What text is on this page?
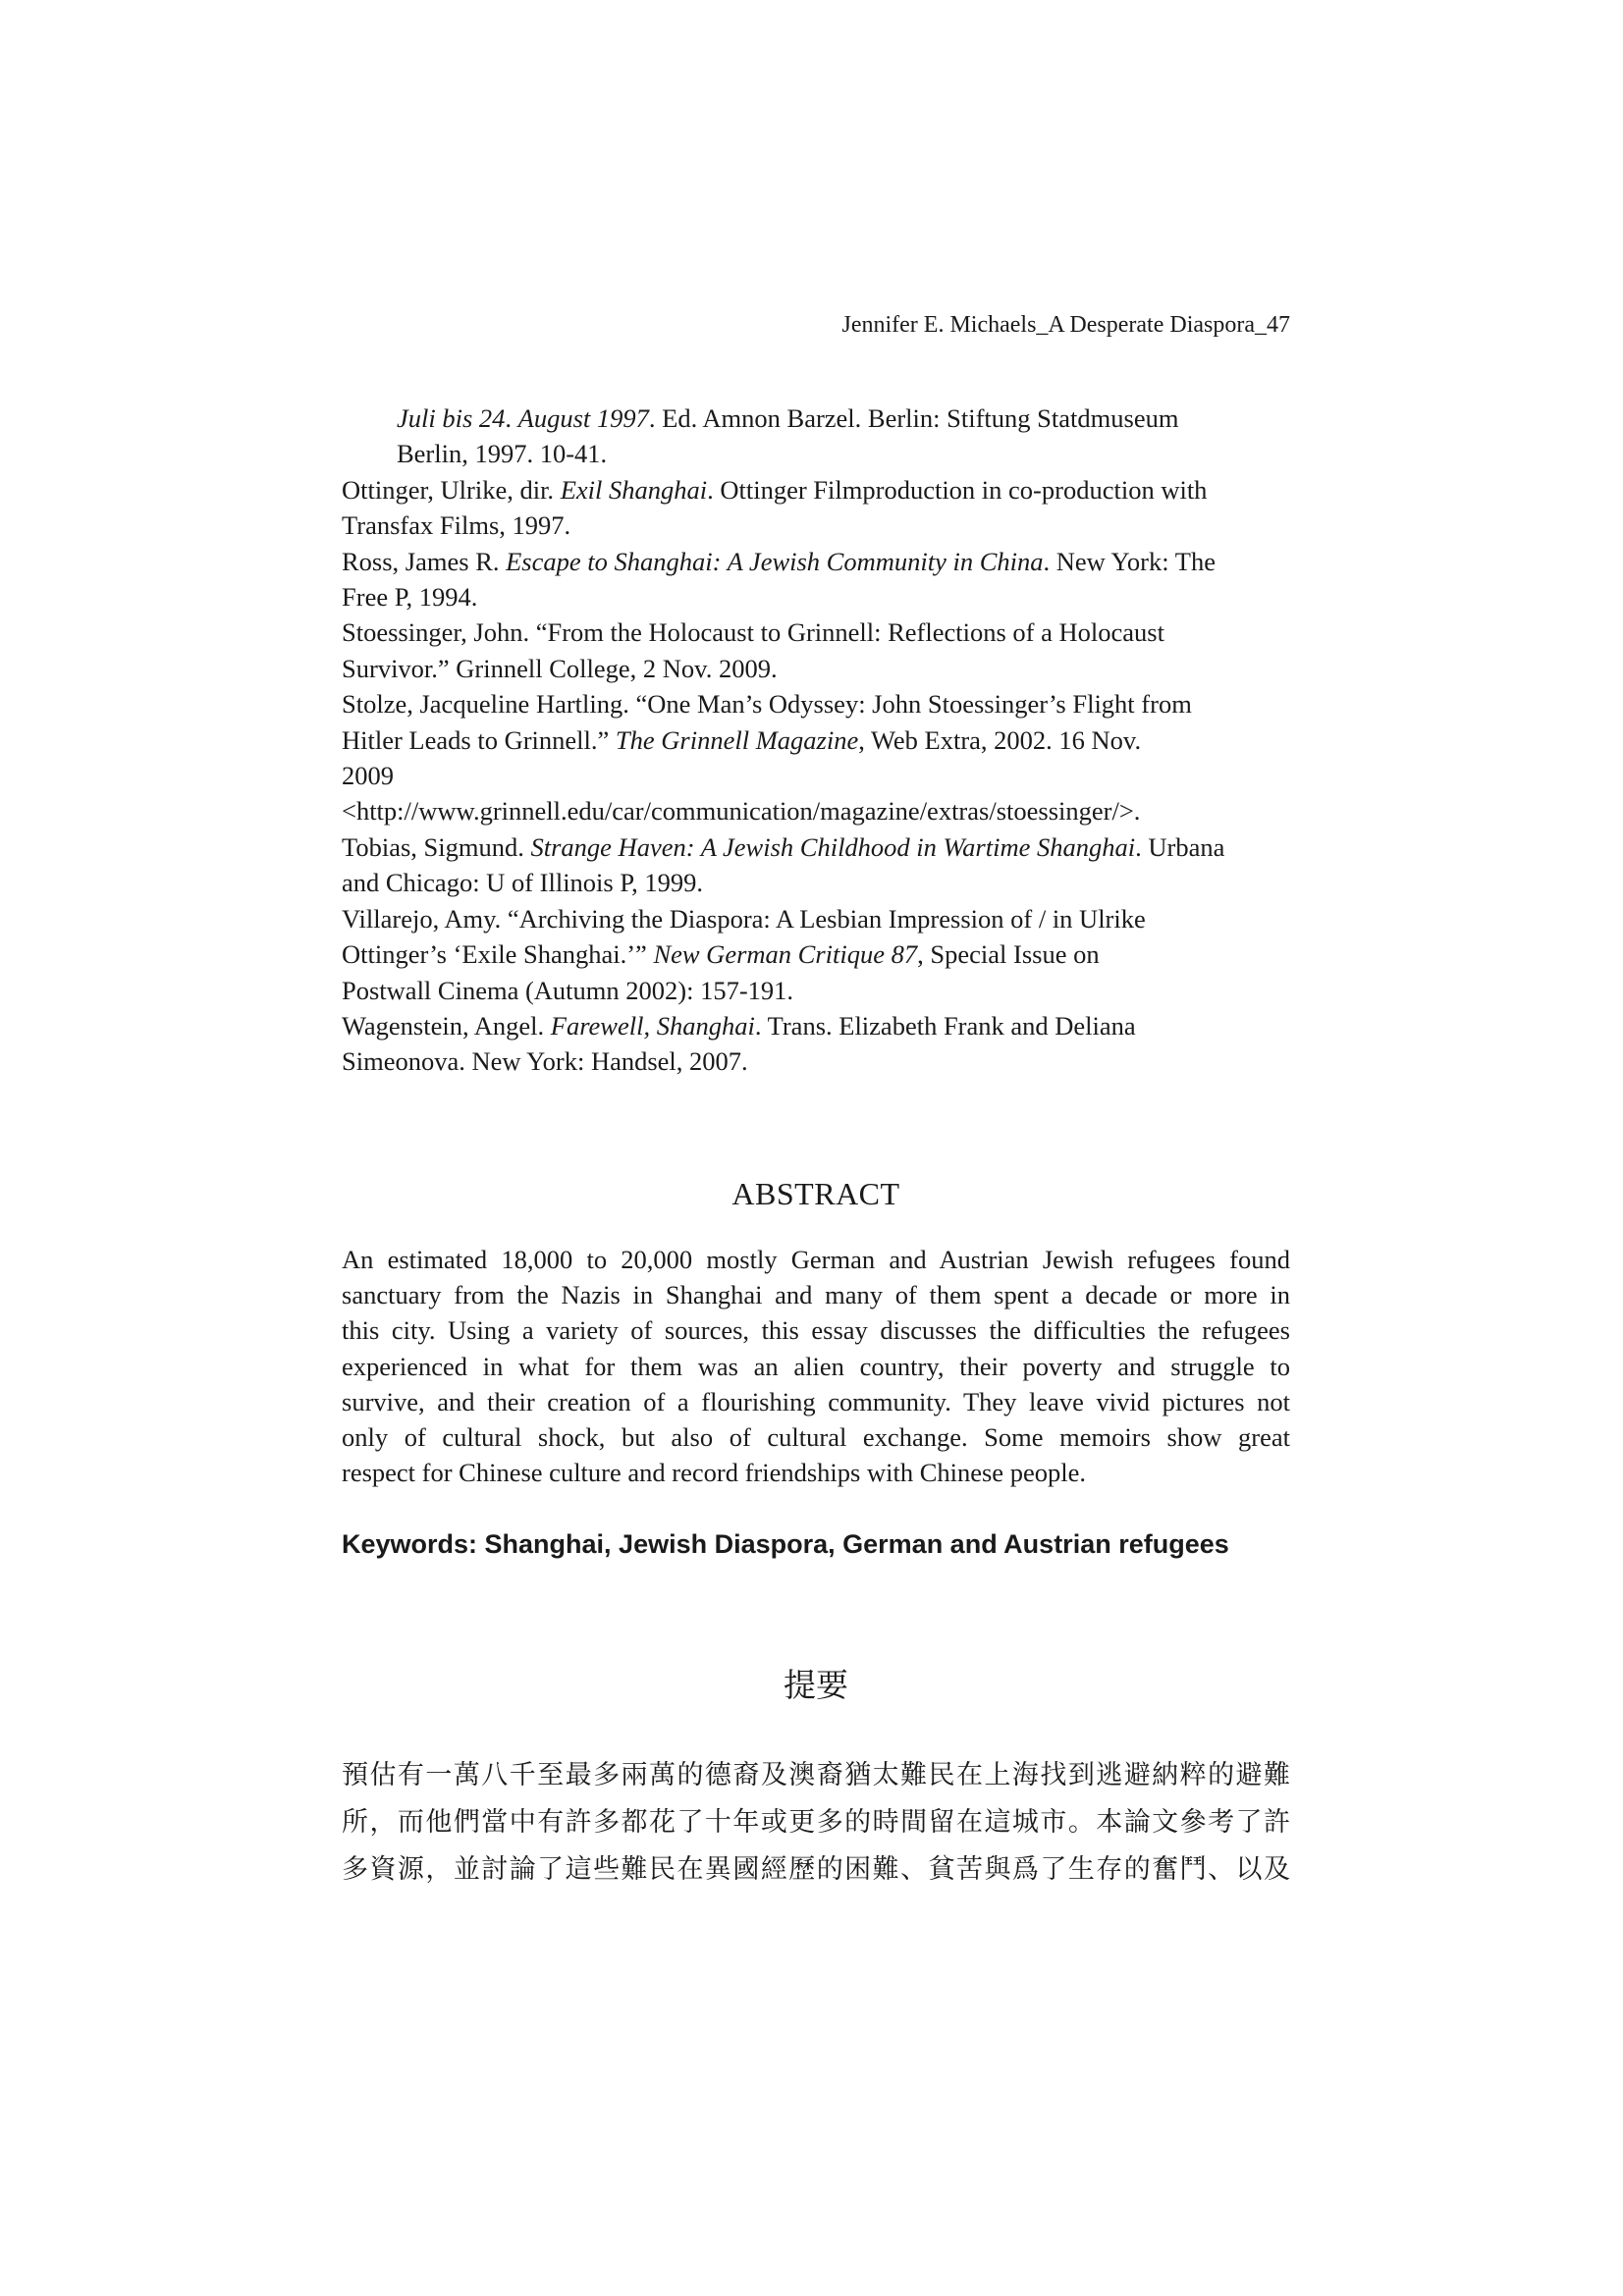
Jennifer E. Michaels_A Desperate Diaspora_47

Juli bis 24. August 1997. Ed. Amnon Barzel. Berlin: Stiftung Statdmuseum
Berlin, 1997. 10-41.

Ottinger, Ulrike, dir. Exil Shanghai. Ottinger Filmproduction in co-production with
Transfax Films, 1997.

Ross, James R. Escape to Shanghai: A Jewish Community in China. New York: The
Free P, 1994.

Stoessinger, John. “From the Holocaust to Grinnell: Reflections of a Holocaust
Survivor.” Grinnell College, 2 Nov. 2009.

Stolze, Jacqueline Hartling. “One Man’s Odyssey: John Stoessinger’s Flight from
Hitler Leads to Grinnell.” The Grinnell Magazine, Web Extra, 2002. 16 Nov.
2009
<http://www.grinnell.edu/car/communication/magazine/extras/stoessinger/>.

Tobias, Sigmund. Strange Haven: A Jewish Childhood in Wartime Shanghai. Urbana
and Chicago: U of Illinois P, 1999.

Villarejo, Amy. “Archiving the Diaspora: A Lesbian Impression of / in Ulrike
Ottinger’s ‘Exile Shanghai.’” New German Critique 87, Special Issue on
Postwall Cinema (Autumn 2002): 157-191.

Wagenstein, Angel. Farewell, Shanghai. Trans. Elizabeth Frank and Deliana
Simeonova. New York: Handsel, 2007.

ABSTRACT
An estimated 18,000 to 20,000 mostly German and Austrian Jewish refugees found
sanctuary from the Nazis in Shanghai and many of them spent a decade or more in
this city. Using a variety of sources, this essay discusses the difficulties the refugees
experienced in what for them was an alien country, their poverty and struggle to
survive, and their creation of a flourishing community. They leave vivid pictures not
only of cultural shock, but also of cultural exchange. Some memoirs show great
respect for Chinese culture and record friendships with Chinese people.
Keywords: Shanghai, Jewish Diaspora, German and Austrian refugees
提要
預估有一萬八千至最多兩萬的德裔及澳裔猶太難民在上海找到逃避納粹的避難
所，而他們當中有許多都花了十年或更多的時間留在這城市。本論文參考了許
多資源，並討論了這些難民在異國經歷的困難、貧苦與爲了生存的奮鬥、以及
